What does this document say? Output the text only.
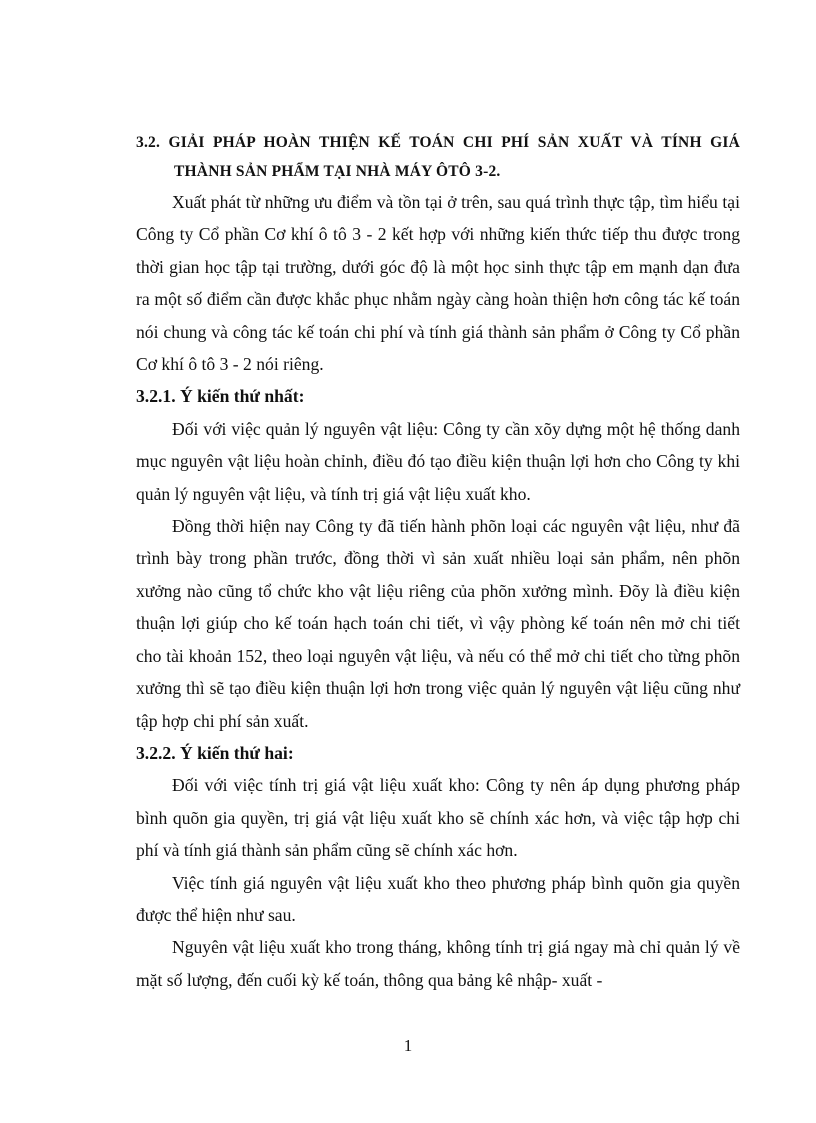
3.2. GIẢI PHÁP HOÀN THIỆN KẾ TOÁN CHI PHÍ SẢN XUẤT VÀ TÍNH GIÁ

THÀNH SẢN PHẨM TẠI NHÀ MÁY ÔTÔ 3-2.

Xuất phát từ những ưu điểm và tồn tại ở trên, sau quá trình thực tập, tìm hiểu tại Công ty Cổ phần Cơ khí ô tô 3 - 2 kết hợp với những kiến thức tiếp thu được trong thời gian học tập tại trường, dưới góc độ là một học sinh thực tập em mạnh dạn đưa ra một số điểm cần được khắc phục nhằm ngày càng hoàn thiện hơn công tác kế toán nói chung và công tác kế toán chi phí và tính giá thành sản phẩm ở Công ty Cổ phần Cơ khí ô tô 3 - 2 nói riêng.

3.2.1. Ý kiến thứ nhất:

Đối với việc quản lý nguyên vật liệu: Công ty cần xõy dựng một hệ thống danh mục nguyên vật liệu hoàn chỉnh, điều đó tạo điều kiện thuận lợi hơn cho Công ty khi quản lý nguyên vật liệu, và tính trị giá vật liệu xuất kho.

Đồng thời hiện nay Công ty đã tiến hành phõn loại các nguyên vật liệu, như đã trình bày trong phần trước, đồng thời vì sản xuất nhiều loại sản phẩm, nên phõn xưởng nào cũng tổ chức kho vật liệu riêng của phõn xưởng mình. Đõy là điều kiện thuận lợi giúp cho kế toán hạch toán chi tiết, vì vậy phòng kế toán nên mở chi tiết cho tài khoản 152, theo loại nguyên vật liệu, và nếu có thể mở chi tiết cho từng phõn xưởng thì sẽ tạo điều kiện thuận lợi hơn trong việc quản lý nguyên vật liệu cũng như tập hợp chi phí sản xuất.

3.2.2. Ý kiến thứ hai:

Đối với việc tính trị giá vật liệu xuất kho: Công ty nên áp dụng phương pháp bình quõn gia quyền, trị giá vật liệu xuất kho sẽ chính xác hơn, và việc tập hợp chi phí và tính giá thành sản phẩm cũng sẽ chính xác hơn.

Việc tính giá nguyên vật liệu xuất kho theo phương pháp bình quõn gia quyền được thể hiện như sau.

Nguyên vật liệu xuất kho trong tháng, không tính trị giá ngay mà chỉ quản lý về mặt số lượng, đến cuối kỳ kế toán, thông qua bảng kê nhập- xuất -

1
